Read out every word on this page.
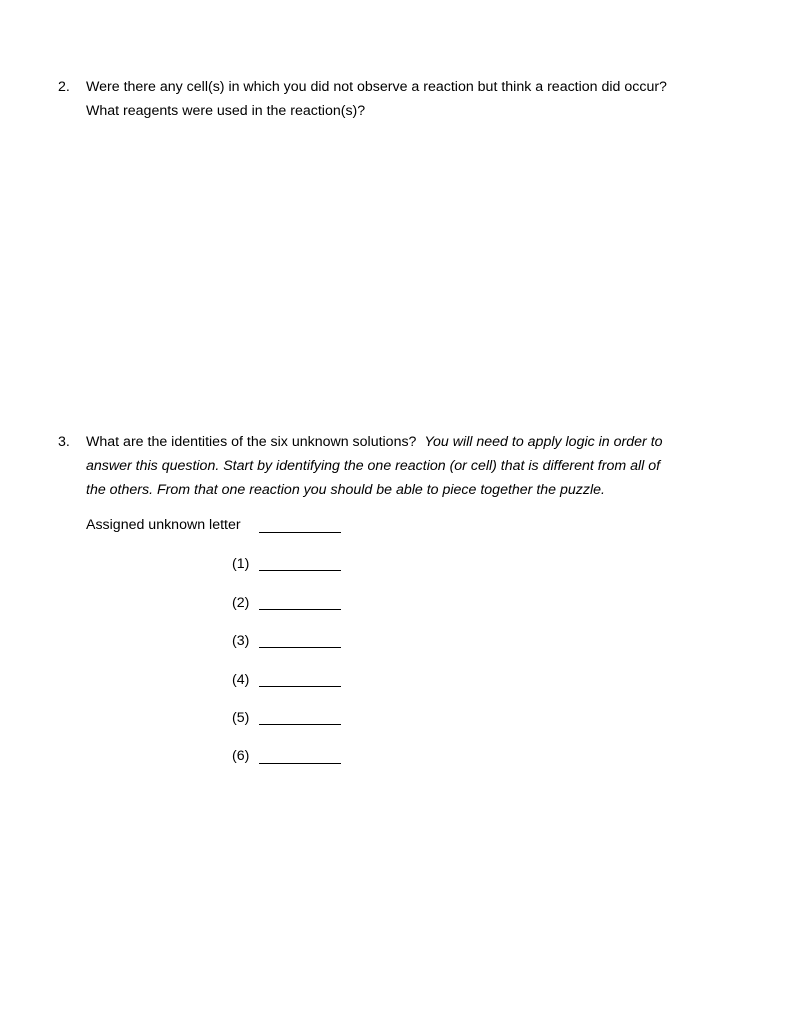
2. Were there any cell(s) in which you did not observe a reaction but think a reaction did occur?
What reagents were used in the reaction(s)?
3. What are the identities of the six unknown solutions? You will need to apply logic in order to
answer this question. Start by identifying the one reaction (or cell) that is different from all of
the others. From that one reaction you should be able to piece together the puzzle.
Assigned unknown letter
(1)
(2)
(3)
(4)
(5)
(6)
